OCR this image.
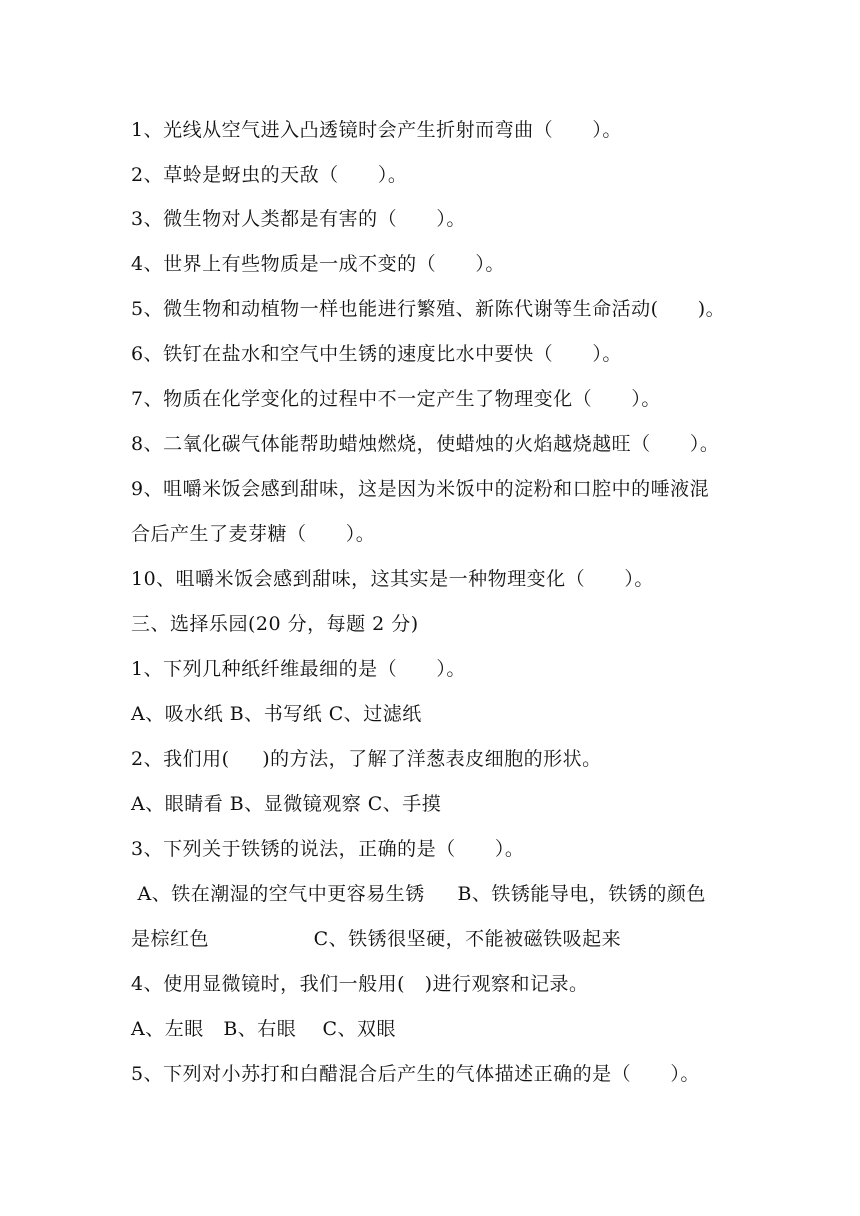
1、光线从空气进入凸透镜时会产生折射而弯曲（      ）。
2、草蛉是蚜虫的天敌（      ）。
3、微生物对人类都是有害的（      ）。
4、世界上有些物质是一成不变的（      ）。
5、微生物和动植物一样也能进行繁殖、新陈代谢等生命活动(      )。
6、铁钉在盐水和空气中生锈的速度比水中要快（      ）。
7、物质在化学变化的过程中不一定产生了物理变化（      ）。
8、二氧化碳气体能帮助蜡烛燃烧，使蜡烛的火焰越烧越旺（      ）。
9、咀嚼米饭会感到甜味，这是因为米饭中的淀粉和口腔中的唾液混
合后产生了麦芽糖（      ）。
10、咀嚼米饭会感到甜味，这其实是一种物理变化（      ）。
三、选择乐园(20 分，每题 2 分)
1、下列几种纸纤维最细的是（      ）。
A、吸水纸 B、书写纸 C、过滤纸
2、我们用(     )的方法，了解了洋葱表皮细胞的形状。
A、眼睛看 B、显微镜观察 C、手摸
3、下列关于铁锈的说法，正确的是（      ）。
A、铁在潮湿的空气中更容易生锈     B、铁锈能导电，铁锈的颜色
是棕红色                C、铁锈很坚硬，不能被磁铁吸起来
4、使用显微镜时，我们一般用(   )进行观察和记录。
A、左眼   B、右眼    C、双眼
5、下列对小苏打和白醋混合后产生的气体描述正确的是（      ）。
